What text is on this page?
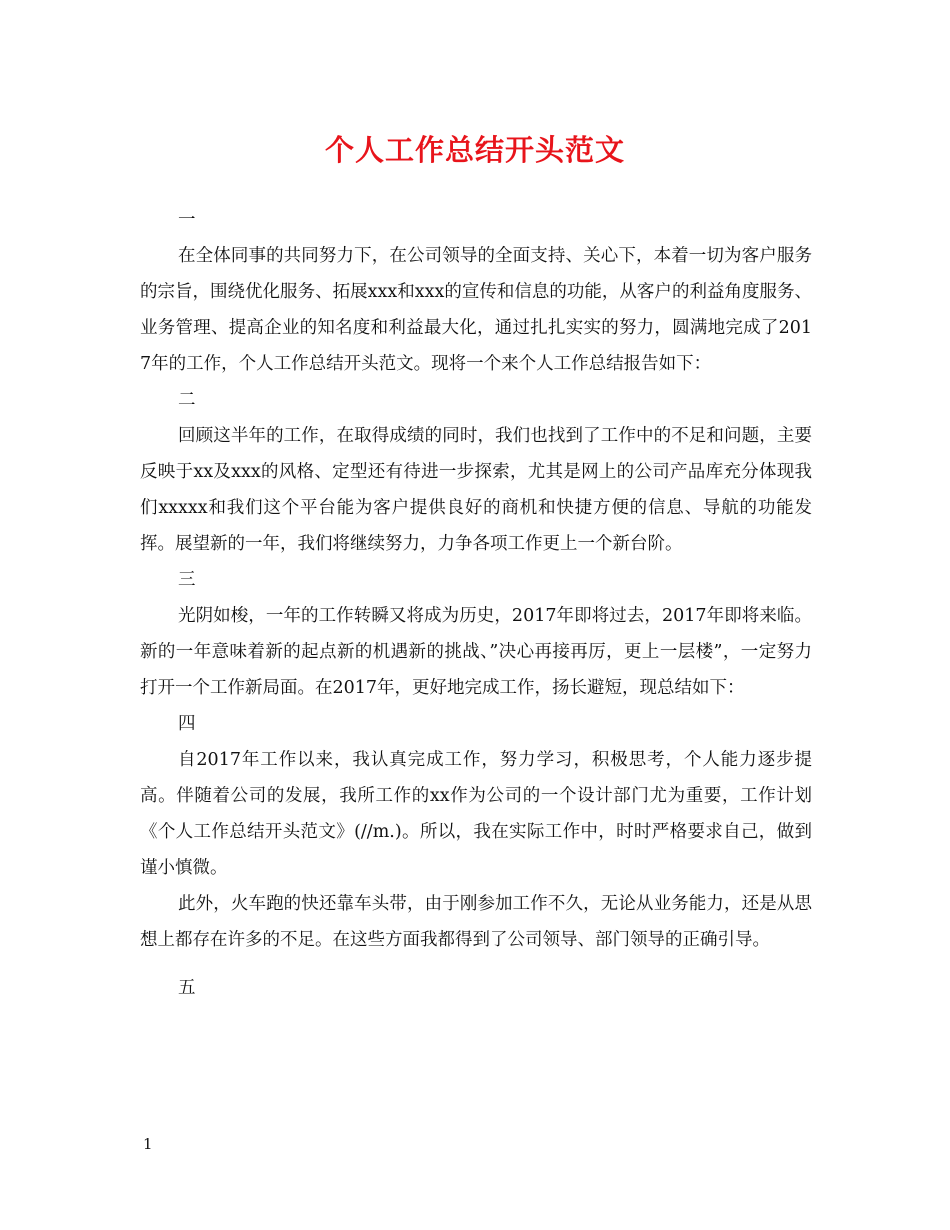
个人工作总结开头范文

一

在全体同事的共同努力下，在公司领导的全面支持、关心下，本着一切为客户服务的宗旨，围绕优化服务、拓展xxx和xxx的宣传和信息的功能，从客户的利益角度服务、业务管理、提高企业的知名度和利益最大化，通过扎扎实实的努力，圆满地完成了2017年的工作，个人工作总结开头范文。现将一个来个人工作总结报告如下：

二

回顾这半年的工作，在取得成绩的同时，我们也找到了工作中的不足和问题，主要反映于xx及xxx的风格、定型还有待进一步探索，尤其是网上的公司产品库充分体现我们xxxxx和我们这个平台能为客户提供良好的商机和快捷方便的信息、导航的功能发挥。展望新的一年，我们将继续努力，力争各项工作更上一个新台阶。

三

光阴如梭，一年的工作转瞬又将成为历史，2017年即将过去，2017年即将来临。新的一年意味着新的起点新的机遇新的挑战、”决心再接再厉，更上一层楼”，一定努力打开一个工作新局面。在2017年，更好地完成工作，扬长避短，现总结如下：

四

自2017年工作以来，我认真完成工作，努力学习，积极思考，个人能力逐步提高。伴随着公司的发展，我所工作的xx作为公司的一个设计部门尤为重要，工作计划《个人工作总结开头范文》(//m.)。所以，我在实际工作中，时时严格要求自己，做到谨小慎微。

此外，火车跑的快还靠车头带，由于刚参加工作不久，无论从业务能力，还是从思想上都存在许多的不足。在这些方面我都得到了公司领导、部门领导的正确引导。

五

1
